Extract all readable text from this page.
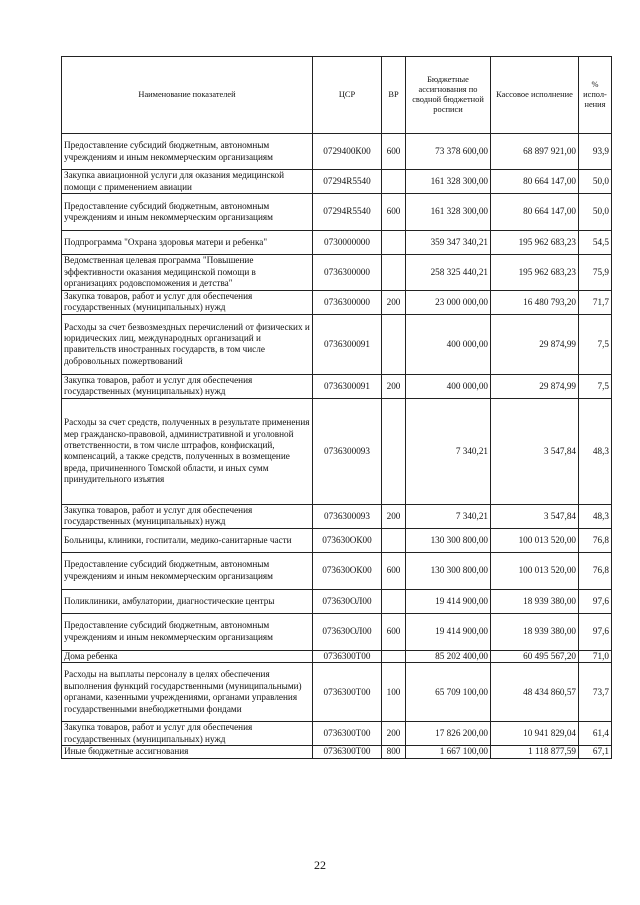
Наименование показателей	ЦСР	ВР	Бюджетные ассигнования по сводной бюджетной росписи	Кассовое исполнение	% испол- нения
Предоставление субсидий бюджетным, автономным учреждениям и иным некоммерческим организациям	0729400К00	600	73 378 600,00	68 897 921,00	93,9
Закупка авиационной услуги для оказания медицинской помощи с применением авиации	07294R5540		161 328 300,00	80 664 147,00	50,0
Предоставление субсидий бюджетным, автономным учреждениям и иным некоммерческим организациям	07294R5540	600	161 328 300,00	80 664 147,00	50,0
Подпрограмма "Охрана здоровья матери и ребенка"	0730000000		359 347 340,21	195 962 683,23	54,5
Ведомственная целевая программа "Повышение эффективности оказания медицинской помощи в организациях родовспоможения и детства"	0736300000		258 325 440,21	195 962 683,23	75,9
Закупка товаров, работ и услуг для обеспечения государственных (муниципальных) нужд	0736300000	200	23 000 000,00	16 480 793,20	71,7
Расходы за счет безвозмездных перечислений от физических и юридических лиц, международных организаций и правительств иностранных государств, в том числе добровольных пожертвований	0736300091		400 000,00	29 874,99	7,5
Закупка товаров, работ и услуг для обеспечения государственных (муниципальных) нужд	0736300091	200	400 000,00	29 874,99	7,5
Расходы за счет средств, полученных в результате применения мер гражданско-правовой, административной и уголовной ответственности, в том числе штрафов, конфискаций, компенсаций, а также средств, полученных в возмещение вреда, причиненного Томской области, и иных сумм принудительного изъятия	0736300093		7 340,21	3 547,84	48,3
Закупка товаров, работ и услуг для обеспечения государственных (муниципальных) нужд	0736300093	200	7 340,21	3 547,84	48,3
Больницы, клиники, госпитали, медико-санитарные части	073630ОК00		130 300 800,00	100 013 520,00	76,8
Предоставление субсидий бюджетным, автономным учреждениям и иным некоммерческим организациям	073630ОК00	600	130 300 800,00	100 013 520,00	76,8
Поликлиники, амбулатории, диагностические центры	073630ОЛ00		19 414 900,00	18 939 380,00	97,6
Предоставление субсидий бюджетным, автономным учреждениям и иным некоммерческим организациям	073630ОЛ00	600	19 414 900,00	18 939 380,00	97,6
Дома ребенка	0736300Т00		85 202 400,00	60 495 567,20	71,0
Расходы на выплаты персоналу в целях обеспечения выполнения функций государственными (муниципальными) органами, казенными учреждениями, органами управления государственными внебюджетными фондами	0736300Т00	100	65 709 100,00	48 434 860,57	73,7
Закупка товаров, работ и услуг для обеспечения государственных (муниципальных) нужд	0736300Т00	200	17 826 200,00	10 941 829,04	61,4
Иные бюджетные ассигнования	0736300Т00	800	1 667 100,00	1 118 877,59	67,1
22
